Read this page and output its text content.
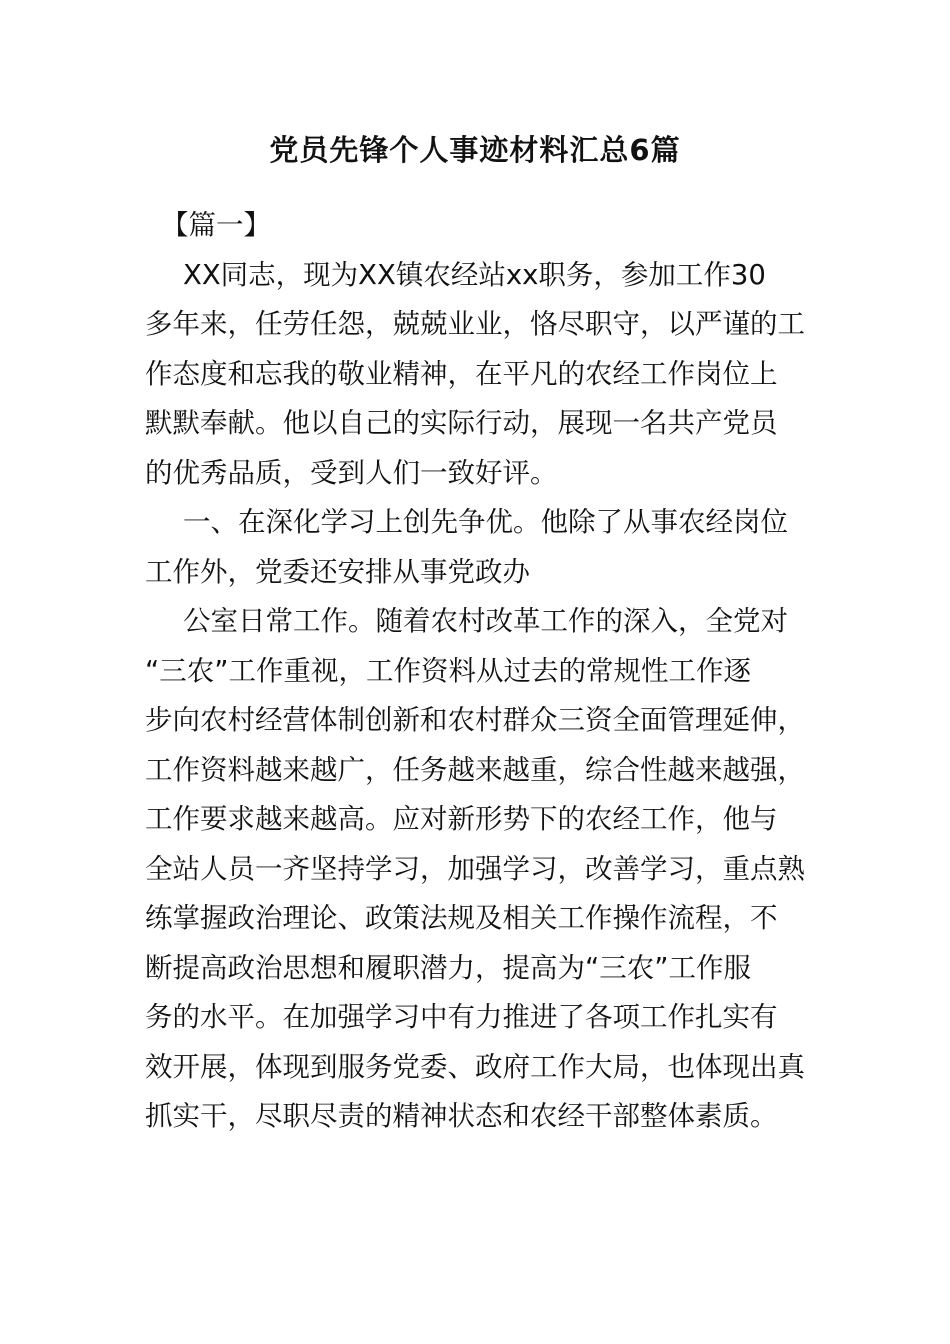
党员先锋个人事迹材料汇总6篇
【篇一】
XX同志，现为XX镇农经站xx职务，参加工作30
多年来，任劳任怨，兢兢业业，恪尽职守，以严谨的工
作态度和忘我的敬业精神，在平凡的农经工作岗位上
默默奉献。他以自己的实际行动，展现一名共产党员
的优秀品质，受到人们一致好评。
一、在深化学习上创先争优。他除了从事农经岗位
工作外，党委还安排从事党政办
公室日常工作。随着农村改革工作的深入，全党对
“三农”工作重视，工作资料从过去的常规性工作逐
步向农村经营体制创新和农村群众三资全面管理延伸，
工作资料越来越广，任务越来越重，综合性越来越强，
工作要求越来越高。应对新形势下的农经工作，他与
全站人员一齐坚持学习，加强学习，改善学习，重点熟
练掌握政治理论、政策法规及相关工作操作流程，不
断提高政治思想和履职潜力，提高为“三农”工作服
务的水平。在加强学习中有力推进了各项工作扎实有
效开展，体现到服务党委、政府工作大局，也体现出真
抓实干，尽职尽责的精神状态和农经干部整体素质。
